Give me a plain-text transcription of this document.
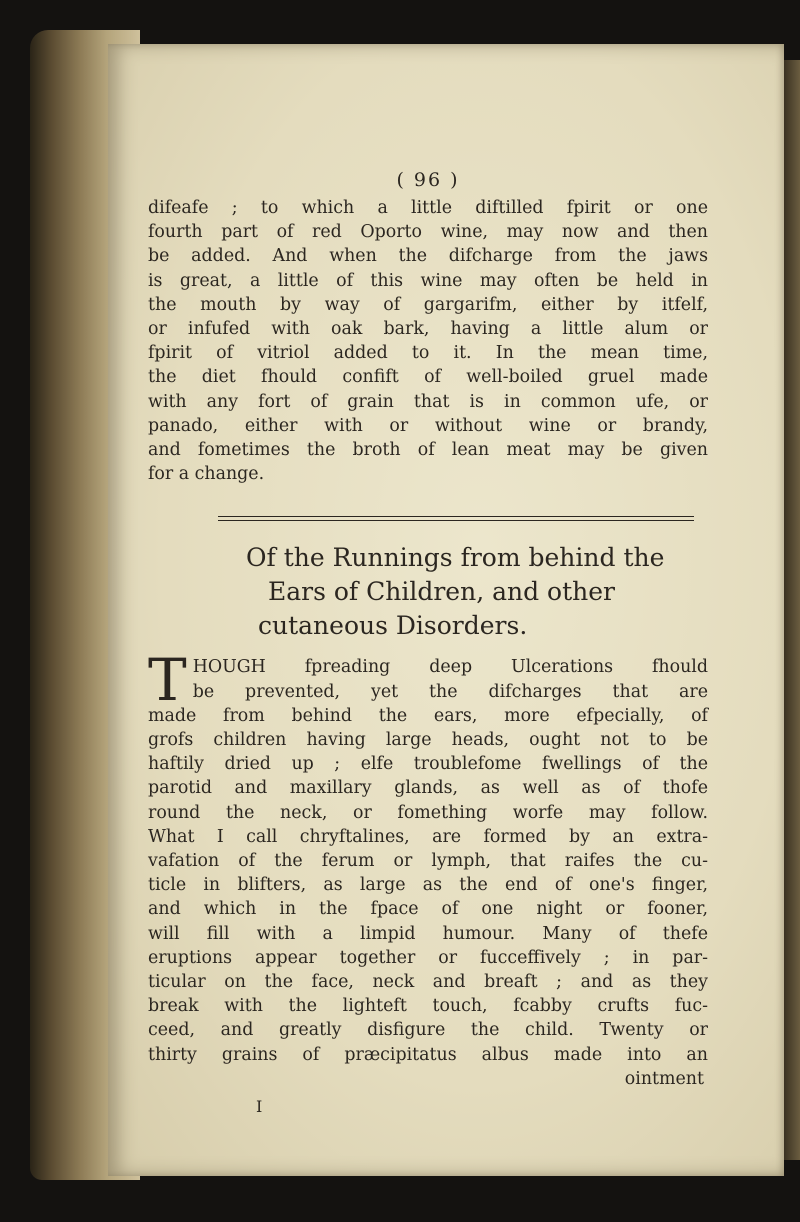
( 96 )
difeafe ; to which a little diftilled fpirit or one
fourth part of red Oporto wine, may now and then
be added. And when the difcharge from the jaws
is great, a little of this wine may often be held in
the mouth by way of gargarifm, either by itfelf,
or infufed with oak bark, having a little alum or
fpirit of vitriol added to it. In the mean time,
the diet fhould confift of well-boiled gruel made
with any fort of grain that is in common ufe, or
panado, either with or without wine or brandy,
and fometimes the broth of lean meat may be given
for a change.
Of the Runnings from behind the
Ears of Children, and other
cutaneous Disorders.
T HOUGH fpreading deep Ulcerations fhould
be prevented, yet the difcharges that are
made from behind the ears, more efpecially, of
grofs children having large heads, ought not to be
haftily dried up ; elfe troublefome fwellings of the
parotid and maxillary glands, as well as of thofe
round the neck, or fomething worfe may follow.
What I call chryftalines, are formed by an extra-
vafation of the ferum or lymph, that raifes the cu-
ticle in blifters, as large as the end of one's finger,
and which in the fpace of one night or fooner,
will fill with a limpid humour. Many of thefe
eruptions appear together or fucceffively ; in par-
ticular on the face, neck and breaft ; and as they
break with the lighteft touch, fcabby crufts fuc-
ceed, and greatly disfigure the child. Twenty or
thirty grains of præcipitatus albus made into an
ointment
I
